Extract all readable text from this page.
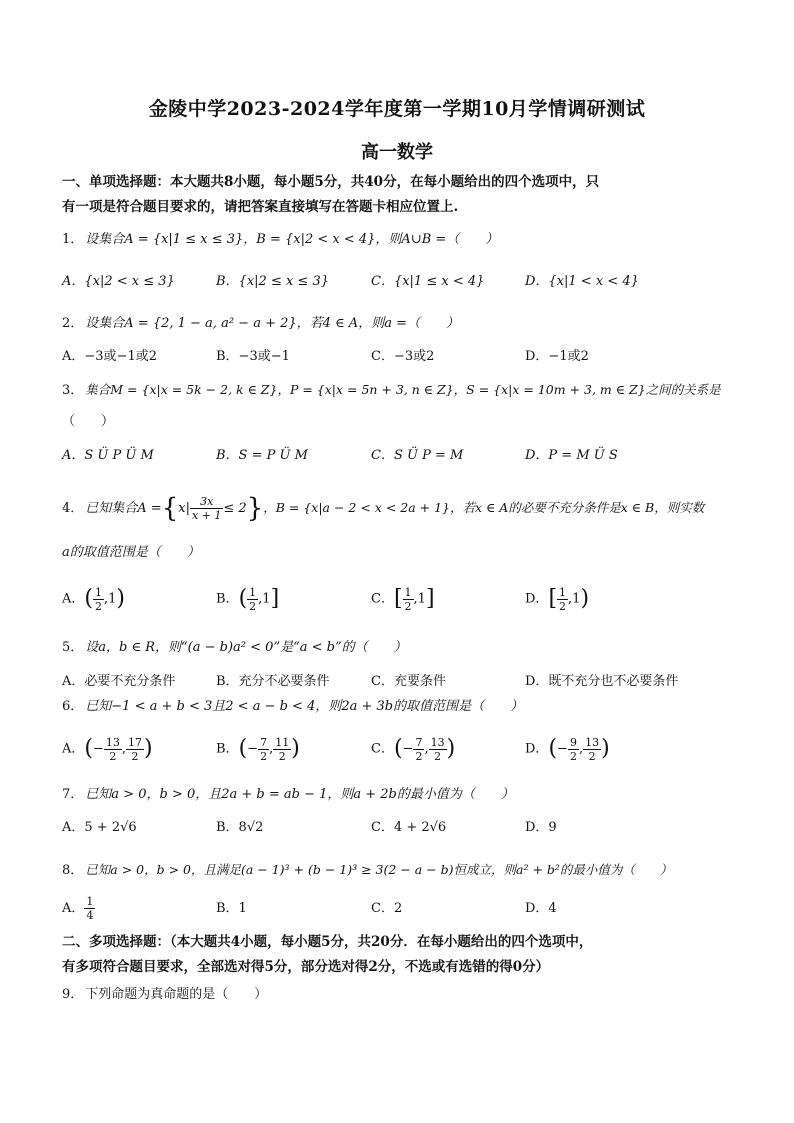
金陵中学2023-2024学年度第一学期10月学情调研测试
高一数学
一、单项选择题：本大题共8小题，每小题5分，共40分，在每小题给出的四个选项中，只
有一项是符合题目要求的，请把答案直接填写在答题卡相应位置上.
1． 设集合A = {x|1 ≤ x ≤ 3}，B = {x|2 < x < 4}，则A∪B =（　　）
A．{x|2 < x ≤ 3}	B．{x|2 ≤ x ≤ 3}	C．{x|1 ≤ x < 4}	D．{x|1 < x < 4}
2． 设集合A = {2, 1 − a, a² − a + 2}，若4 ∈ A，则a =（　　）
A．−3或−1或2	B．−3或−1	C．−3或2	D．−1或2
3． 集合M = {x|x = 5k − 2, k ∈ Z}，P = {x|x = 5n + 3, n ∈ Z}，S = {x|x = 10m + 3, m ∈ Z}之间的关系是
（　　）
A．S Ü P Ü M	B．S = P Ü M	C．S Ü P = M	D．P = M Ü S
4． 已知集合$A =\{x| \frac{3x}{x + 1} \le 2\}$，B = {x|a − 2 < x < 2a + 1}，若x ∈ A的必要不充分条件是x ∈ B，则实数
a的取值范围是（　　）
A．( $\frac{1}{2} ,1$)	B．( $\frac{1}{2} ,1$]	C．[ $\frac{1}{2} ,1$]	D．[ $\frac{1}{2} ,1$)
5． 设a，b ∈ R，则“(a − b)a² < 0”是“a < b”的（　　）
A．必要不充分条件	B．充分不必要条件	C．充要条件	D．既不充分也不必要条件
6． 已知−1 < a + b < 3且2 < a − b < 4，则2a + 3b的取值范围是（　　）
A．(− $\frac{13}{2}$ , $\frac{17}{2}$ )	B．(− $\frac{7}{2}$ , $\frac{11}{2}$ )	C．(− $\frac{7}{2}$ , $\frac{13}{2}$ )	D．(− $\frac{9}{2}$ , $\frac{13}{2}$ )
7． 已知a > 0，b > 0，且2a + b = ab − 1，则a + 2b的最小值为（　　）
A．5 + 2√6	B．8√2	C．4 + 2√6	D．9
8． 已知a > 0，b > 0，且满足(a − 1)³ + (b − 1)³ ≥ 3(2 − a − b)恒成立，则a² + b²的最小值为（　　）
A． $\frac{1}{4}$	B．1	C．2	D．4
二、多项选择题：（本大题共4小题，每小题5分，共20分．在每小题给出的四个选项中，
有多项符合题目要求，全部选对得5分，部分选对得2分，不选或有选错的得0分）
9． 下列命题为真命题的是（　　）
